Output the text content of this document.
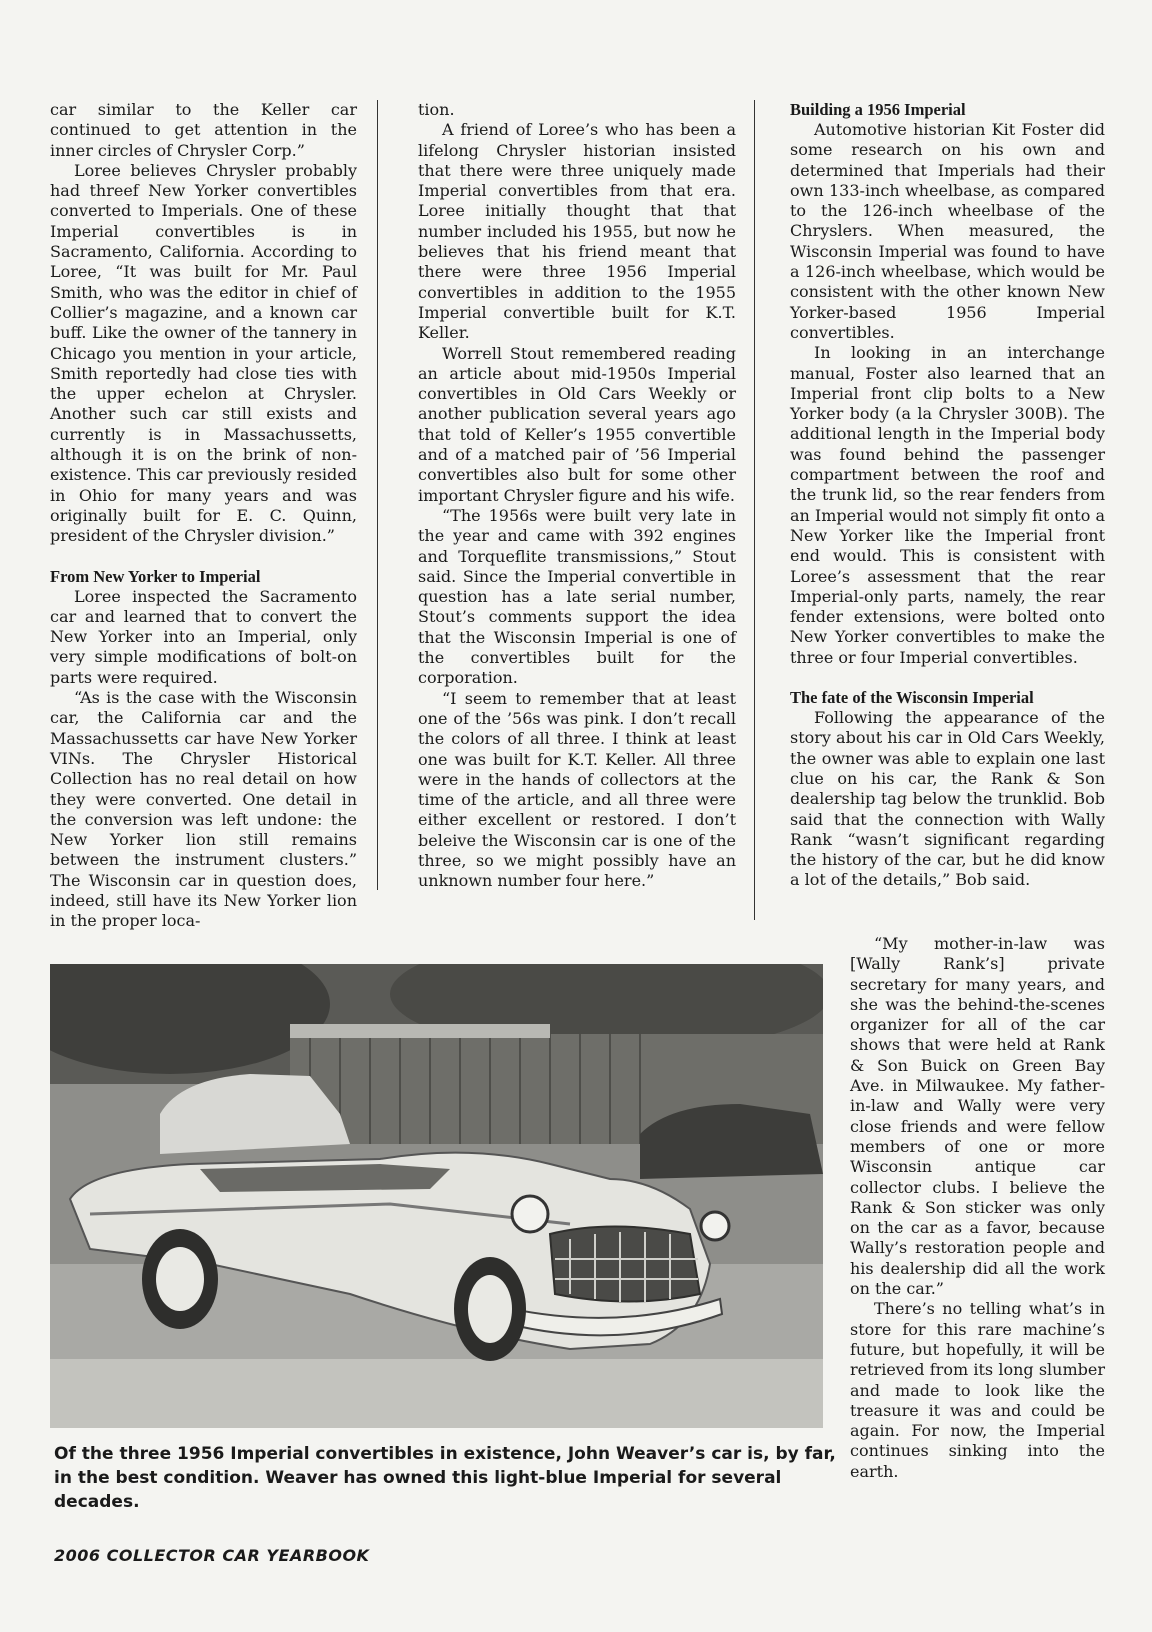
car similar to the Keller car continued to get attention in the inner circles of Chrysler Corp.”

Loree believes Chrysler probably had threef New Yorker convertibles converted to Imperials. One of these Imperial convertibles is in Sacramento, California. According to Loree, “It was built for Mr. Paul Smith, who was the editor in chief of Collier’s magazine, and a known car buff. Like the owner of the tannery in Chicago you mention in your article, Smith reportedly had close ties with the upper echelon at Chrysler. Another such car still exists and currently is in Massachussetts, although it is on the brink of non-existence. This car previously resided in Ohio for many years and was originally built for E. C. Quinn, president of the Chrysler division.”

From New Yorker to Imperial

Loree inspected the Sacramento car and learned that to convert the New Yorker into an Imperial, only very simple modifications of bolt-on parts were required.

“As is the case with the Wisconsin car, the California car and the Massachussetts car have New Yorker VINs. The Chrysler Historical Collection has no real detail on how they were converted. One detail in the conversion was left undone: the New Yorker lion still remains between the instrument clusters.” The Wisconsin car in question does, indeed, still have its New Yorker lion in the proper loca-

tion.

A friend of Loree’s who has been a lifelong Chrysler historian insisted that there were three uniquely made Imperial convertibles from that era. Loree initially thought that that number included his 1955, but now he believes that his friend meant that there were three 1956 Imperial convertibles in addition to the 1955 Imperial convertible built for K.T. Keller.

Worrell Stout remembered reading an article about mid-1950s Imperial convertibles in Old Cars Weekly or another publication several years ago that told of Keller’s 1955 convertible and of a matched pair of ’56 Imperial convertibles also bult for some other important Chrysler figure and his wife.

“The 1956s were built very late in the year and came with 392 engines and Torqueflite transmissions,” Stout said. Since the Imperial convertible in question has a late serial number, Stout’s comments support the idea that the Wisconsin Imperial is one of the convertibles built for the corporation.

“I seem to remember that at least one of the ’56s was pink. I don’t recall the colors of all three. I think at least one was built for K.T. Keller. All three were in the hands of collectors at the time of the article, and all three were either excellent or restored. I don’t beleive the Wisconsin car is one of the three, so we might possibly have an unknown number four here.”

Building a 1956 Imperial

Automotive historian Kit Foster did some research on his own and determined that Imperials had their own 133-inch wheelbase, as compared to the 126-inch wheelbase of the Chryslers. When measured, the Wisconsin Imperial was found to have a 126-inch wheelbase, which would be consistent with the other known New Yorker-based 1956 Imperial convertibles.

In looking in an interchange manual, Foster also learned that an Imperial front clip bolts to a New Yorker body (a la Chrysler 300B). The additional length in the Imperial body was found behind the passenger compartment between the roof and the trunk lid, so the rear fenders from an Imperial would not simply fit onto a New Yorker like the Imperial front end would. This is consistent with Loree’s assessment that the rear Imperial-only parts, namely, the rear fender extensions, were bolted onto New Yorker convertibles to make the three or four Imperial convertibles.

The fate of the Wisconsin Imperial

Following the appearance of the story about his car in Old Cars Weekly, the owner was able to explain one last clue on his car, the Rank & Son dealership tag below the trunklid. Bob said that the connection with Wally Rank “wasn’t significant regarding the history of the car, but he did know a lot of the details,” Bob said.

“My mother-in-law was [Wally Rank’s] private secretary for many years, and she was the behind-the-scenes organizer for all of the car shows that were held at Rank & Son Buick on Green Bay Ave. in Milwaukee. My father-in-law and Wally were very close friends and were fellow members of one or more Wisconsin antique car collector clubs. I believe the Rank & Son sticker was only on the car as a favor, because Wally’s restoration people and his dealership did all the work on the car.”

There’s no telling what’s in store for this rare machine’s future, but hopefully, it will be retrieved from its long slumber and made to look like the treasure it was and could be again. For now, the Imperial continues sinking into the earth.

Of the three 1956 Imperial convertibles in existence, John Weaver’s car is, by far, in the best condition. Weaver has owned this light-blue Imperial for several decades.
2006 COLLECTOR CAR YEARBOOK
